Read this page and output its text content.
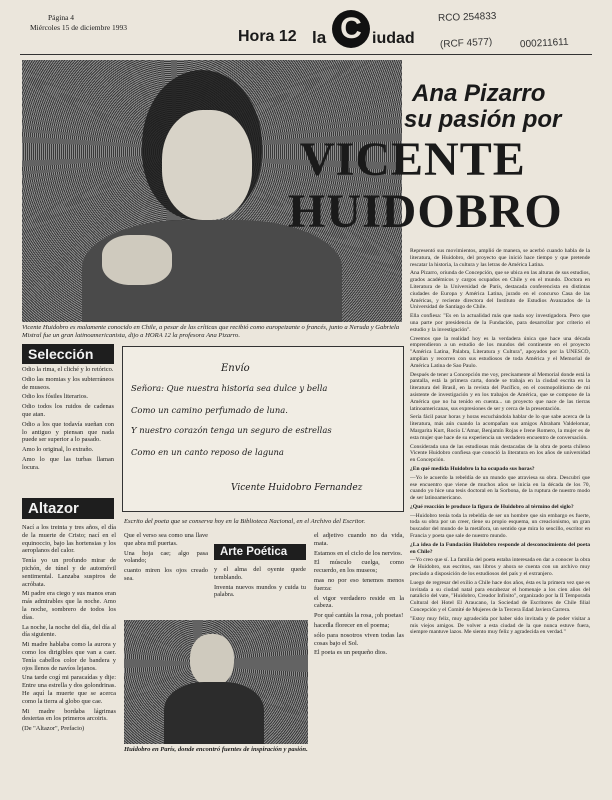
Página 4
Miércoles 15 de diciembre 1993
Hora 12 la C iudad
RCO 254833
(RCF 4577)	000211611
Vicente Huidobro es malamente conocido en Chile, a pesar de las críticas que recibió como europeizante o francés, junto a Neruda y Gabriela Mistral fue un gran latinoamericanista, dijo a HORA 12 la profesora Ana Pizarro.
Ana Pizarro
su pasión por
VICENTE
HUIDOBRO
Selección

Odio la rima, el cliché y lo retórico.

Odio las momias y los subterráneos de museos.

Odio los fósiles literarios.

Odio todos los ruidos de cadenas que atan.

Odio a los que todavía sueñan con lo antiguo y piensan que nada puede ser superior a lo pasado.

Amo lo original, lo extraño.

Amo lo que las turbas llaman locura.

Envío
Señora: Que nuestra historia sea dulce y bella
Como un camino perfumado de luna.
Y nuestro corazón tenga un seguro de estrellas
Como en un canto reposo de laguna
Vicente Huidobro Fernandez
Escrito del poeta que se conserva hoy en la Biblioteca Nacional, en el Archivo del Escritor.
Altazor

Nací a los treinta y tres años, el día de la muerte de Cristo; nací en el equinoccio, bajo las hortensias y los aeroplanos del calor.

Tenía yo un profundo mirar de pichón, de túnel y de automóvil sentimental. Lanzaba suspiros de acróbata.

Mi padre era ciego y sus manos eran más admirables que la noche. Amo la noche, sombrero de todos los días.

La noche, la noche del día, del día al día siguiente.

Mi madre hablaba como la aurora y como los dirigibles que van a caer. Tenía cabellos color de bandera y ojos llenos de navíos lejanos.

Una tarde cogí mi paracaídas y dije: Entre una estrella y dos golondrinas. He aquí la muerte que se acerca como la tierra al globo que cae.

Mi madre bordaba lágrimas desiertas en los primeros arcoiris.

(De "Altazor", Prefacio)

Que el verso sea como una llave que abra mil puertas.

Una hoja cae; algo pasa volando;

cuanto miren los ojos creado sea.

Arte Poética

y el alma del oyente quede temblando.

Inventa nuevos mundos y cuida tu palabra.

el adjetivo cuando no da vida, mata.

Estamos en el ciclo de los nervios.

El músculo cuelga, como recuerdo, en los museos;

mas no por eso tenemos menos fuerza:

el vigor verdadero reside en la cabeza.

Por qué cantáis la rosa, ¡oh poetas!

hacedla florecer en el poema;

sólo para nosotros viven todas las cosas bajo el Sol.

El poeta es un pequeño dios.

Huidobro en París, donde encontró fuentes de inspiración y pasión.

Representó sus movimientos, amplió de manera, se acerbó cuando habla de la literatura, de Huidobro, del proyecto que inició hace tiempo y que pretende rescatar la historia, la cultura y las letras de América Latina.

Ana Pizarro, oriunda de Concepción, que se ubica en las alturas de sus estudios, grados académicos y cargos ocupados en Chile y en el mundo. Doctora en Literatura de la Universidad de París, destacada conferencista en distintas ciudades de Europa y América Latina, jurado en el concurso Casa de las Américas, y reciente directora del Instituto de Estudios Avanzados de la Universidad de Santiago de Chile.

Ella confiesa: "Es en la actualidad más que nada soy investigadora. Pero que una parte por presidencia de la Fundación, para desarrollar por criterio el estudio y la investigación".

Creemos que la realidad hoy es la verdadera única que hace una década emprendieron a un estudio de los mundos del continente en el proyecto "América Latina, Palabra, Literatura y Cultura", apoyados por la UNESCO, amplían y recorren con sus estudiosos de toda América y el Memorial de América Latina de Sao Paulo.

Después de tener a Concepción me voy, precisamente al Memorial donde está la pantalla, está la primera carta, donde se trabaja en la ciudad escrita en la literatura del Brasil, en la revista del Pacífico, en el cosmopolitismo de mi asistente de investigación y en los trabajos de América, que se compone de la América que no ha tenido en cuenta... un proyecto que nace de las tierras latinoamericanas, sus expresiones de ser y cerca de la presentación.

Sería fácil pasar horas y horas escuchándola hablar de lo que sabe acerca de la literatura, más aún cuando la acompañan sus amigos Abraham Valdelomar, Margarita Kurt, Rocío L'Amar, Benjamín Rojas e Irene Romero, la mujer es de esta mujer que hace de su experiencia un verdadero encuentro de conversación.

Considerada una de las estudiosas más destacadas de la obra de poeta chileno Vicente Huidobro confiesa que conoció la literatura en los años de universidad en Concepción.

¿En qué medida Huidobro la ha ocupado sus horas?

—Yo le acuerdo la rebeldía de un mundo que atraviesa su obra. Descubrí que ese encuentro que viene de muchos años se inicia en la década de los 70, cuando yo hice una tesis doctoral en la Sorbona, de la ruptura de nuestro modo de ser latinoamericano.

¿Qué reacción le produce la figura de Huidobro al término del siglo?

—Huidobro tenía toda la rebeldía de ser un hombre que sin embargo es fuerte, toda su obra por un creer, tiene su propio esquema, un creacionismo, un gran buscador del mundo de la metáfora, un sentido que mira lo sencillo, escritor en Francia y poeta que sale de nuestro mundo.

¿La idea de la Fundación Huidobro responde al desconocimiento del poeta en Chile?

—Yo creo que sí. La familia del poeta estaba interesada en dar a conocer la obra de Huidobro, sus escritos, sus libros y ahora se cuenta con un archivo muy preciado a disposición de los estudiosos del país y el extranjero.

Luego de regresar del exilio a Chile hace dos años, ésta es la primera vez que es invitada a su ciudad natal para encabezar el homenaje a los cien años del natalicio del vate, "Huidobro, Creador Infinito", organizado por la II Temporada Cultural del Hotel El Araucano, la Sociedad de Escritores de Chile filial Concepción y el Comité de Mujeres de la Tercera Edad Javiera Carrera.

"Estoy muy feliz, muy agradecida por haber sido invitada y de poder visitar a mis viejos amigos. De volver a esta ciudad de la que nunca estuve fuera, siempre mantuve lazos. Me siento muy feliz y agradecida en verdad."
